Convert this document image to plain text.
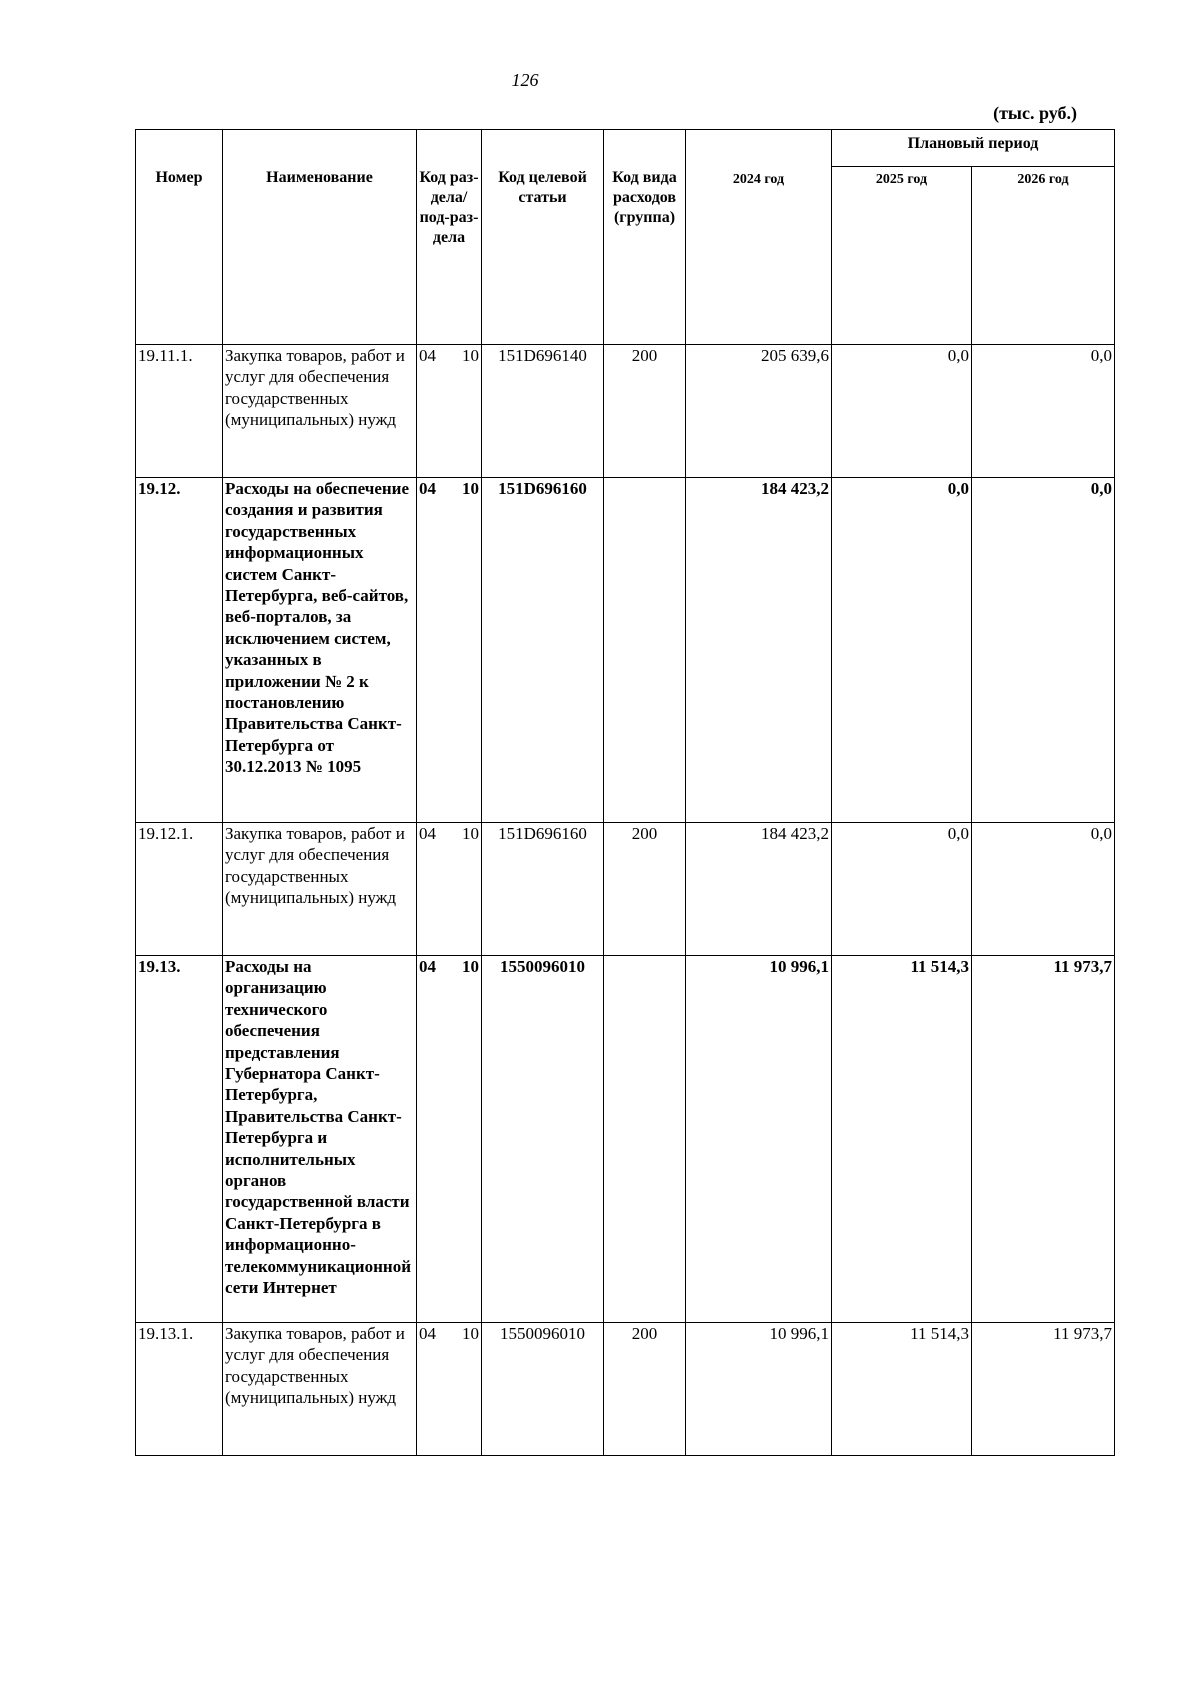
126
(тыс. руб.)
Номер	Наименование	Код раз-дела/ под-раз-дела	Код целевой статьи	Код вида расходов (группа)	2024 год	Плановый период	
						2025 год	2026 год
19.11.1.	Закупка товаров, работ и услуг для обеспечения государственных (муниципальных) нужд	04 10	151D696140	200	205 639,6	0,0	0,0
19.12.	Расходы на обеспечение создания и развития государственных информационных систем Санкт-Петербурга, веб-сайтов, веб-порталов, за исключением систем, указанных в приложении № 2 к постановлению Правительства Санкт-Петербурга от 30.12.2013 № 1095	04 10	151D696160		184 423,2	0,0	0,0
19.12.1.	Закупка товаров, работ и услуг для обеспечения государственных (муниципальных) нужд	04 10	151D696160	200	184 423,2	0,0	0,0
19.13.	Расходы на организацию технического обеспечения представления Губернатора Санкт-Петербурга, Правительства Санкт-Петербурга и исполнительных органов государственной власти Санкт-Петербурга в информационно-телекоммуникационной сети Интернет	04 10	1550096010		10 996,1	11 514,3	11 973,7
19.13.1.	Закупка товаров, работ и услуг для обеспечения государственных (муниципальных) нужд	04 10	1550096010	200	10 996,1	11 514,3	11 973,7
